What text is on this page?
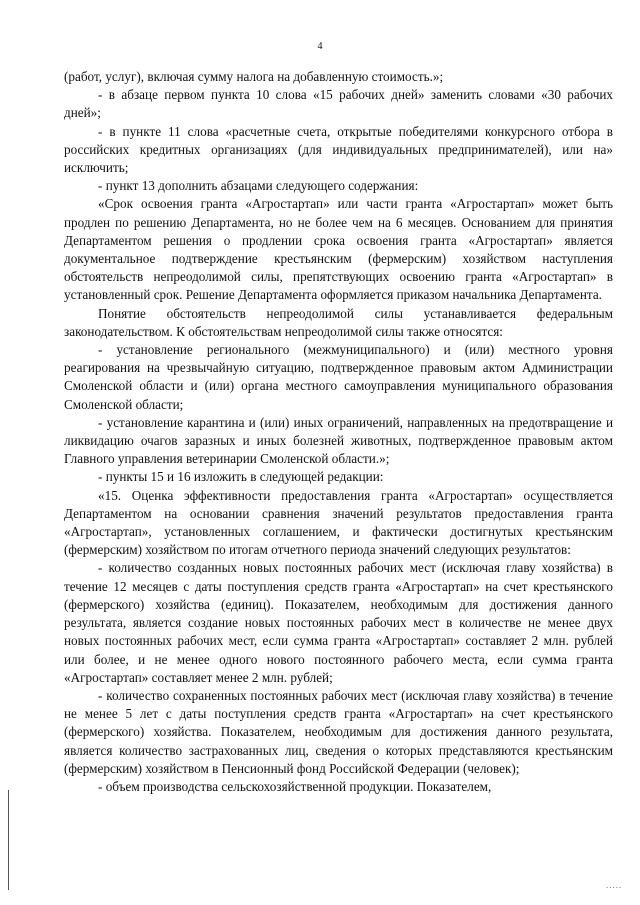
4

(работ, услуг), включая сумму налога на добавленную стоимость.»;

- в абзаце первом пункта 10 слова «15 рабочих дней» заменить словами «30 рабочих дней»;

- в пункте 11 слова «расчетные счета, открытые победителями конкурсного отбора в российских кредитных организациях (для индивидуальных предпринимателей), или на» исключить;

- пункт 13 дополнить абзацами следующего содержания:

«Срок освоения гранта «Агростартап» или части гранта «Агростартап» может быть продлен по решению Департамента, но не более чем на 6 месяцев. Основанием для принятия Департаментом решения о продлении срока освоения гранта «Агростартап» является документальное подтверждение крестьянским (фермерским) хозяйством наступления обстоятельств непреодолимой силы, препятствующих освоению гранта «Агростартап» в установленный срок. Решение Департамента оформляется приказом начальника Департамента.

Понятие обстоятельств непреодолимой силы устанавливается федеральным законодательством. К обстоятельствам непреодолимой силы также относятся:

- установление регионального (межмуниципального) и (или) местного уровня реагирования на чрезвычайную ситуацию, подтвержденное правовым актом Администрации Смоленской области и (или) органа местного самоуправления муниципального образования Смоленской области;

- установление карантина и (или) иных ограничений, направленных на предотвращение и ликвидацию очагов заразных и иных болезней животных, подтвержденное правовым актом Главного управления ветеринарии Смоленской области.»;

- пункты 15 и 16 изложить в следующей редакции:

«15. Оценка эффективности предоставления гранта «Агростартап» осуществляется Департаментом на основании сравнения значений результатов предоставления гранта «Агростартап», установленных соглашением, и фактически достигнутых крестьянским (фермерским) хозяйством по итогам отчетного периода значений следующих результатов:

- количество созданных новых постоянных рабочих мест (исключая главу хозяйства) в течение 12 месяцев с даты поступления средств гранта «Агростартап» на счет крестьянского (фермерского) хозяйства (единиц). Показателем, необходимым для достижения данного результата, является создание новых постоянных рабочих мест в количестве не менее двух новых постоянных рабочих мест, если сумма гранта «Агростартап» составляет 2 млн. рублей или более, и не менее одного нового постоянного рабочего места, если сумма гранта «Агростартап» составляет менее 2 млн. рублей;

- количество сохраненных постоянных рабочих мест (исключая главу хозяйства) в течение не менее 5 лет с даты поступления средств гранта «Агростартап» на счет крестьянского (фермерского) хозяйства. Показателем, необходимым для достижения данного результата, является количество застрахованных лиц, сведения о которых представляются крестьянским (фермерским) хозяйством в Пенсионный фонд Российской Федерации (человек);

- объем производства сельскохозяйственной продукции. Показателем,

.....
